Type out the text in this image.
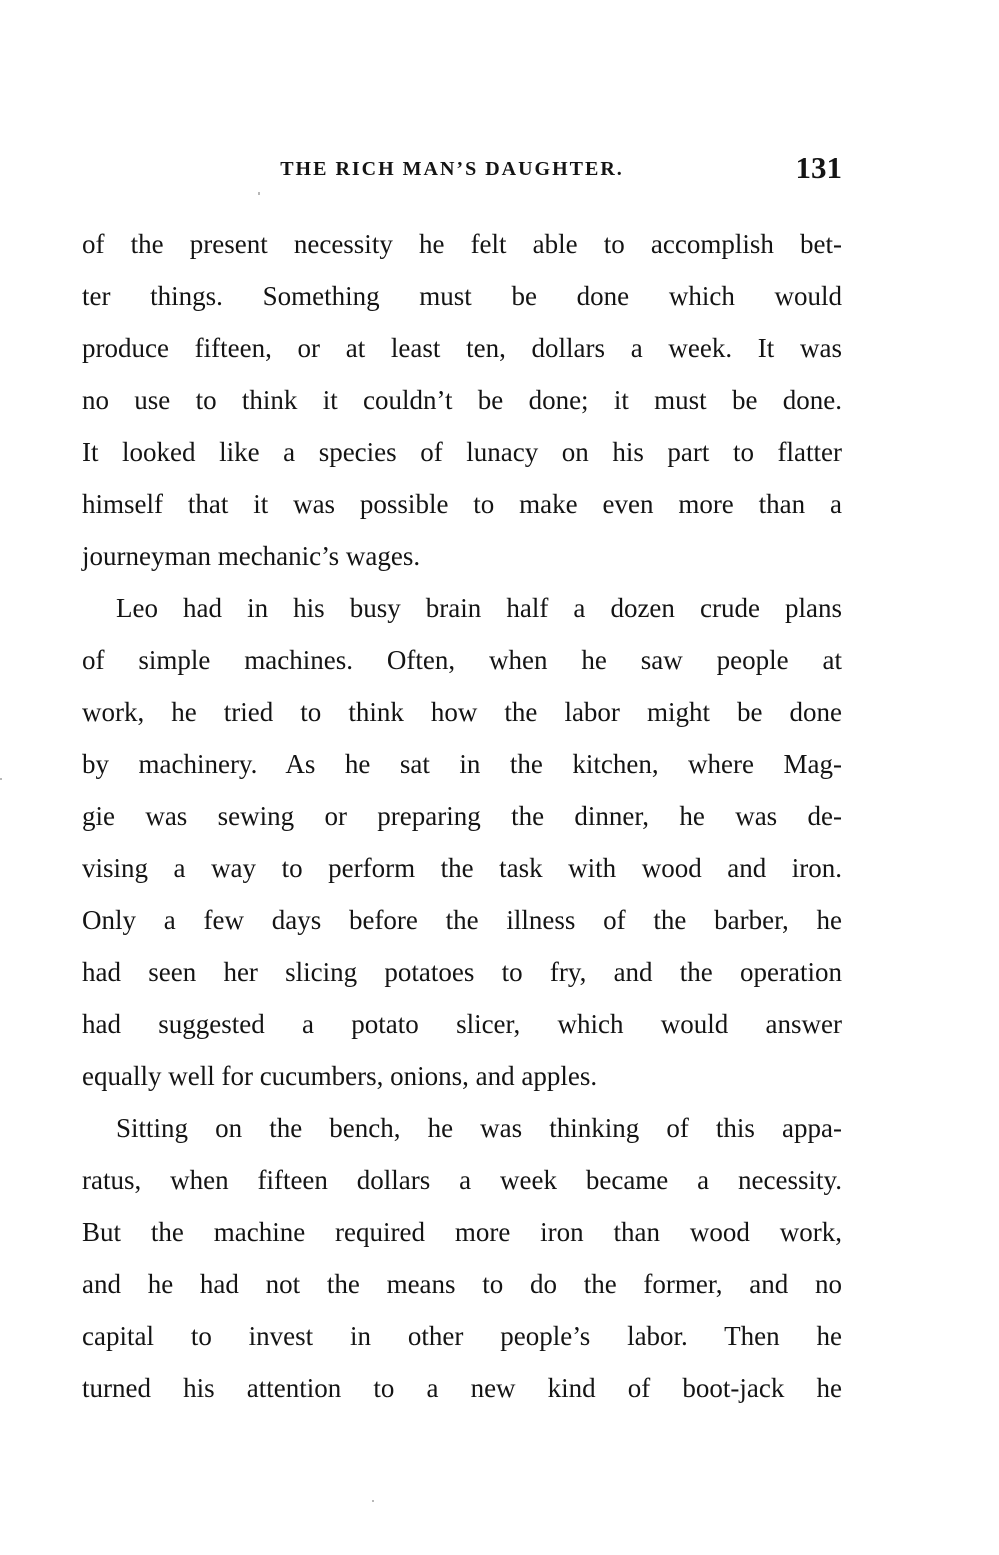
THE RICH MAN’S DAUGHTER.	131

of the present necessity he felt able to accomplish bet-
ter things. Something must be done which would
produce fifteen, or at least ten, dollars a week. It was
no use to think it couldn’t be done; it must be done.
It looked like a species of lunacy on his part to flatter
himself that it was possible to make even more than a
journeyman mechanic’s wages.

Leo had in his busy brain half a dozen crude plans
of simple machines. Often, when he saw people at
work, he tried to think how the labor might be done
by machinery. As he sat in the kitchen, where Mag-
gie was sewing or preparing the dinner, he was de-
vising a way to perform the task with wood and iron.
Only a few days before the illness of the barber, he
had seen her slicing potatoes to fry, and the operation
had suggested a potato slicer, which would answer
equally well for cucumbers, onions, and apples.

Sitting on the bench, he was thinking of this appa-
ratus, when fifteen dollars a week became a necessity.
But the machine required more iron than wood work,
and he had not the means to do the former, and no
capital to invest in other people’s labor. Then he
turned his attention to a new kind of boot-jack he
